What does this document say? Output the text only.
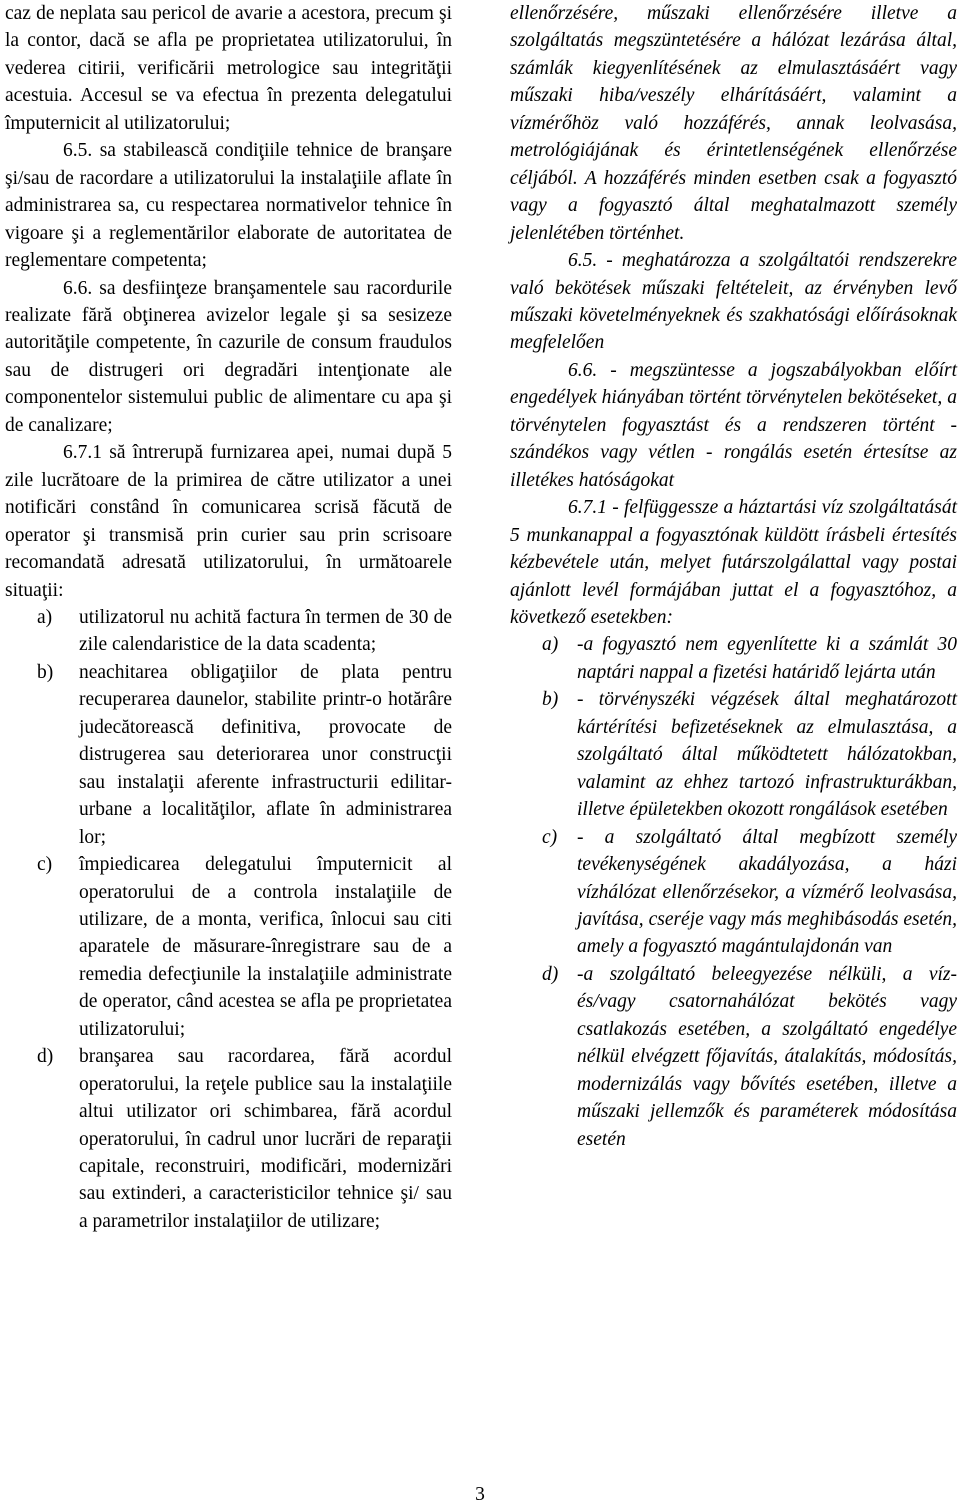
caz de neplata sau pericol de avarie a acestora, precum şi la contor, dacă se afla pe proprietatea utilizatorului, în vederea citirii, verificării metrologice sau integrităţii acestuia. Accesul se va efectua în prezenta delegatului împuternicit al utilizatorului;

6.5. sa stabilească condiţiile tehnice de branşare şi/sau de racordare a utilizatorului la instalaţiile aflate în administrarea sa, cu respectarea normativelor tehnice în vigoare şi a reglementărilor elaborate de autoritatea de reglementare competenta;

6.6. sa desfiinţeze branşamentele sau racordurile realizate fără obţinerea avizelor legale şi sa sesizeze autorităţile competente, în cazurile de consum fraudulos sau de distrugeri ori degradări intenţionate ale componentelor sistemului public de alimentare cu apa şi de canalizare;

6.7.1 să întrerupă furnizarea apei, numai după 5 zile lucrătoare de la primirea de către utilizator a unei notificări constând în comunicarea scrisă făcută de operator şi transmisă prin curier sau prin scrisoare recomandată adresată utilizatorului, în următoarele situaţii:

a) utilizatorul nu achită factura în termen de 30 de zile calendaristice de la data scadenta;

b) neachitarea obligaţiilor de plata pentru recuperarea daunelor, stabilite printr-o hotărâre judecătorească definitiva, provocate de distrugerea sau deteriorarea unor construcţii sau instalaţii aferente infrastructurii edilitar-urbane a localităţilor, aflate în administrarea lor;

c) împiedicarea delegatului împuternicit al operatorului de a controla instalaţiile de utilizare, de a monta, verifica, înlocui sau citi aparatele de măsurare-înregistrare sau de a remedia defecţiunile la instalaţiile administrate de operator, când acestea se afla pe proprietatea utilizatorului;

d) branşarea sau racordarea, fără acordul operatorului, la reţele publice sau la instalaţiile altui utilizator ori schimbarea, fără acordul operatorului, în cadrul unor lucrări de reparaţii capitale, reconstruiri, modificări, modernizări sau extinderi, a caracteristicilor tehnice şi/ sau a parametrilor instalaţiilor de utilizare;

ellenőrzésére, műszaki ellenőrzésére illetve a szolgáltatás megszüntetésére a hálózat lezárása által, számlák kiegyenlítésének az elmulasztásáért vagy műszaki hiba/veszély elhárításáért, valamint a vízmérőhöz való hozzáférés, annak leolvasása, metrológiájának és érintetlenségének ellenőrzése céljából. A hozzáférés minden esetben csak a fogyasztó vagy a fogyasztó által meghatalmazott személy jelenlétében történhet.

6.5. - meghatározza a szolgáltatói rendszerekre való bekötések műszaki feltételeit, az érvényben levő műszaki követelményeknek és szakhatósági előírásoknak megfelelően

6.6. - megszüntesse a jogszabályokban előírt engedélyek hiányában történt törvénytelen bekötéseket, a törvénytelen fogyasztást és a rendszeren történt - szándékos vagy vétlen - rongálás esetén értesítse az illetékes hatóságokat

6.7.1 - felfüggessze a háztartási víz szolgáltatását 5 munkanappal a fogyasztónak küldött írásbeli értesítés kézbevétele után, melyet futárszolgálattal vagy postai ajánlott levél formájában juttat el a fogyasztóhoz, a következő esetekben:

a) -a fogyasztó nem egyenlítette ki a számlát 30 naptári nappal a fizetési határidő lejárta után

b) - törvényszéki végzések által meghatározott kártérítési befizetéseknek az elmulasztása, a szolgáltató által működtetett hálózatokban, valamint az ehhez tartozó infrastrukturákban, illetve épületekben okozott rongálások esetében

c) - a szolgáltató által megbízott személy tevékenységének akadályozása, a házi vízhálózat ellenőrzésekor, a vízmérő leolvasása, javítása, cseréje vagy más meghibásodás esetén, amely a fogyasztó magántulajdonán van

d) -a szolgáltató beleegyezése nélküli, a víz- és/vagy csatornahálózat bekötés vagy csatlakozás esetében, a szolgáltató engedélye nélkül elvégzett főjavítás, átalakítás, módosítás, modernizálás vagy bővítés esetében, illetve a műszaki jellemzők és paraméterek módosítása esetén

3
